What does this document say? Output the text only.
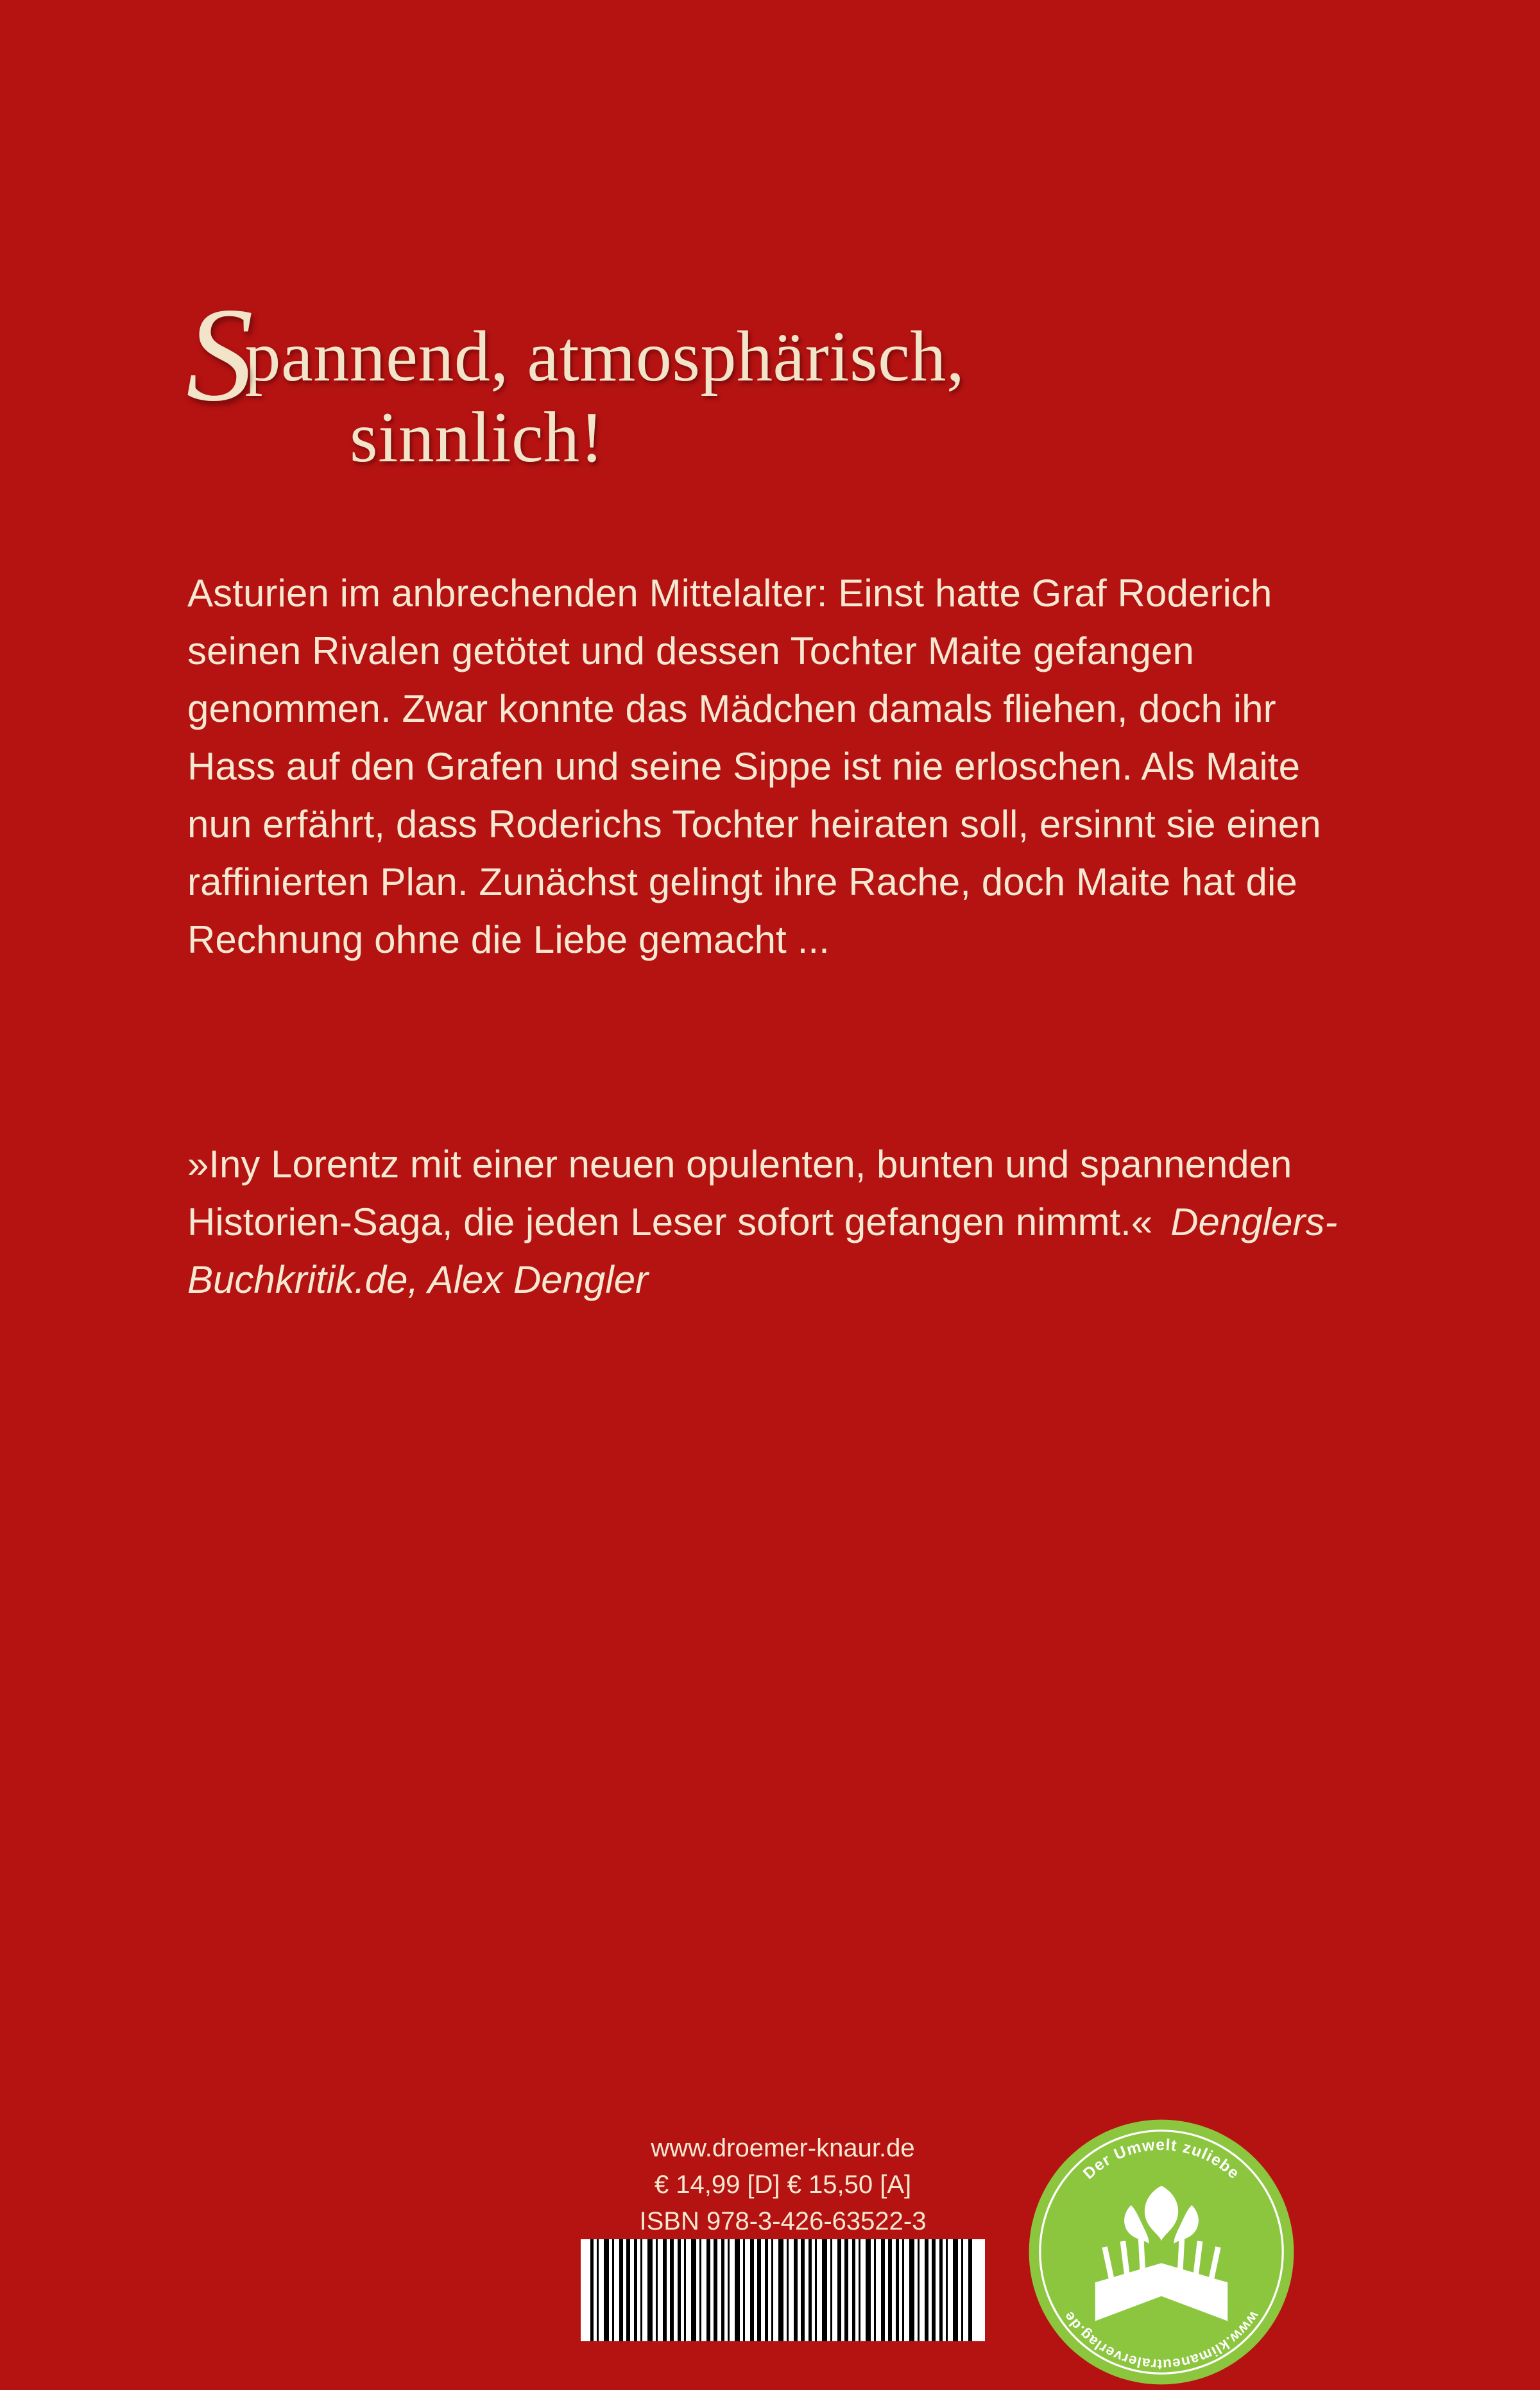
Spannend, atmosphärisch,
sinnlich!

Asturien im anbrechenden Mittelalter: Einst hatte Graf Roderich seinen Rivalen getötet und dessen Tochter Maite gefangen genommen. Zwar konnte das Mädchen damals fliehen, doch ihr Hass auf den Grafen und seine Sippe ist nie erloschen. Als Maite nun erfährt, dass Roderichs Tochter heiraten soll, ersinnt sie einen raffinierten Plan. Zunächst gelingt ihre Rache, doch Maite hat die Rechnung ohne die Liebe gemacht ...

»Iny Lorentz mit einer neuen opulenten, bunten und spannenden Historien-Saga, die jeden Leser sofort gefangen nimmt.« Denglers-Buchkritik.de, Alex Dengler
www.droemer-knaur.de
€ 14,99 [D] € 15,50 [A]
ISBN 978-3-426-63522-3
Der Umwelt zuliebe
www.klimaneutralerverlag.de
